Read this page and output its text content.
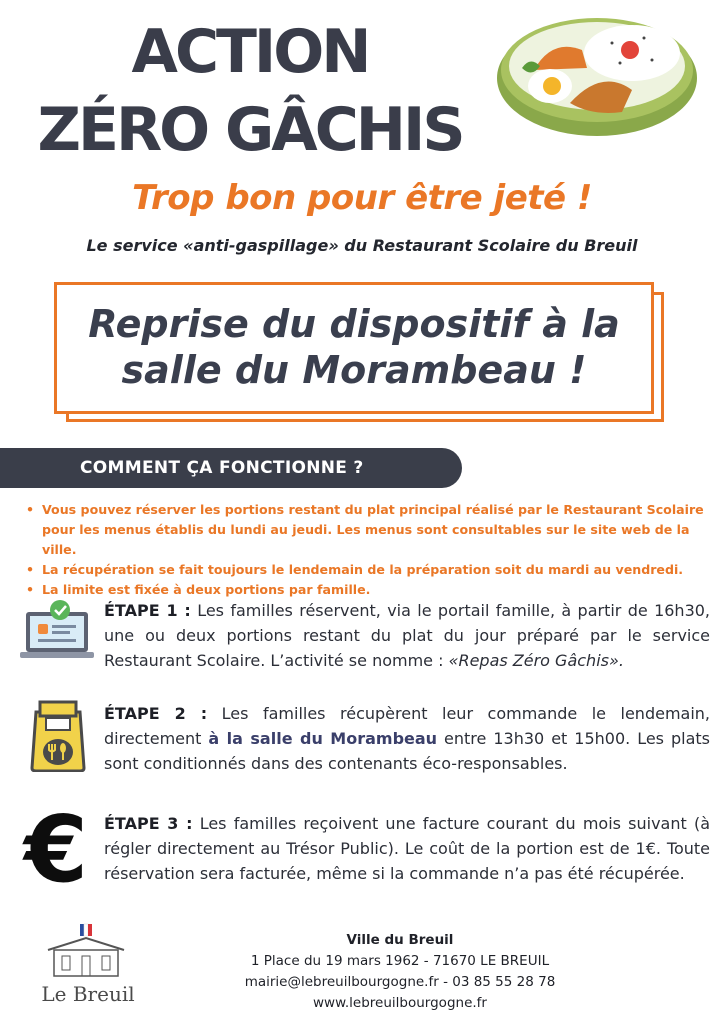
ACTION
ZÉRO GÂCHIS
Trop bon pour être jeté !
Le service «anti-gaspillage» du Restaurant Scolaire du Breuil
Reprise du dispositif à la
salle du Morambeau !
COMMENT ÇA FONCTIONNE ?
• Vous pouvez réserver les portions restant du plat principal réalisé par le Restaurant Scolaire pour les menus établis du lundi au jeudi. Les menus sont consultables sur le site web de la ville.
• La récupération se fait toujours le lendemain de la préparation soit du mardi au vendredi.
• La limite est fixée à deux portions par famille.
ÉTAPE 1 : Les familles réservent, via le portail famille, à partir de 16h30, une ou deux portions restant du plat du jour préparé par le service Restaurant Scolaire. L’activité se nomme : «Repas Zéro Gâchis».
ÉTAPE 2 : Les familles récupèrent leur commande le lendemain, directement à la salle du Morambeau entre 13h30 et 15h00. Les plats sont conditionnés dans des contenants éco-responsables.
€	ÉTAPE 3 : Les familles reçoivent une facture courant du mois suivant (à régler directement au Trésor Public). Le coût de la portion est de 1€. Toute réservation sera facturée, même si la commande n’a pas été récupérée.
Le Breuil
Ville du Breuil
1 Place du 19 mars 1962 - 71670 LE BREUIL
mairie@lebreuilbourgogne.fr - 03 85 55 28 78
www.lebreuilbourgogne.fr
